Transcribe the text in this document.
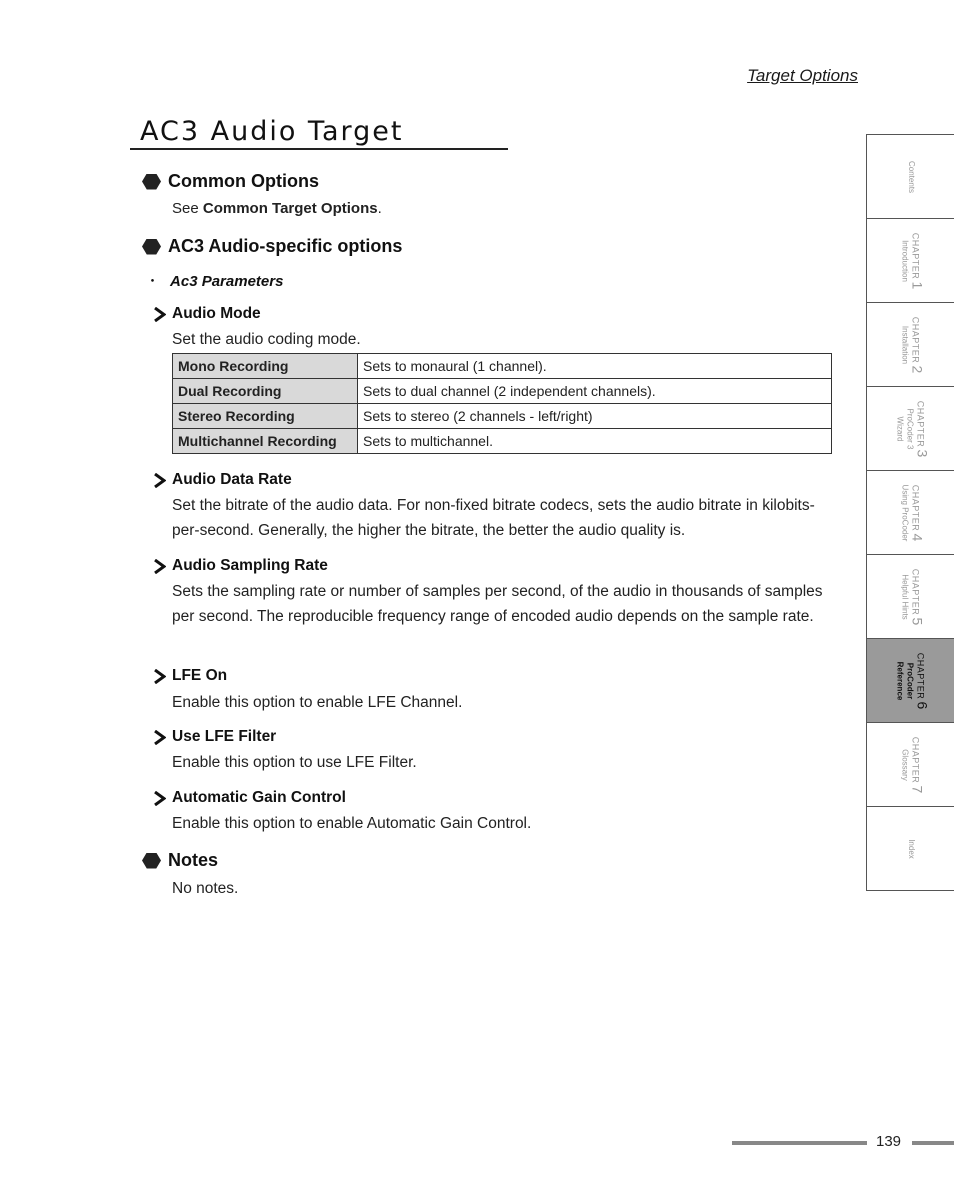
Target Options
AC3 Audio Target
Common Options
See Common Target Options.
AC3 Audio-specific options
・ Ac3 Parameters
Audio Mode
Set the audio coding mode.
Mono Recording	Sets to monaural (1 channel).
Dual Recording	Sets to dual channel (2 independent channels).
Stereo Recording	Sets to stereo (2 channels - left/right)
Multichannel Recording	Sets to multichannel.
Audio Data Rate
Set the bitrate of the audio data. For non-fixed bitrate codecs, sets the audio bitrate in kilobits-per-second. Generally, the higher the bitrate, the better the audio quality is.
Audio Sampling Rate
Sets the sampling rate or number of samples per second, of the audio in thousands of samples per second. The reproducible frequency range of encoded audio depends on the sample rate.
LFE On
Enable this option to enable LFE Channel.
Use LFE Filter
Enable this option to use LFE Filter.
Automatic Gain Control
Enable this option to enable Automatic Gain Control.
Notes
No notes.
Contents
CHAPTER 1
Introduction
CHAPTER 2
Installation
CHAPTER 3
ProCoder 3
Wizard
CHAPTER 4
Using ProCoder
CHAPTER 5
Helpful Hints
CHAPTER 6
ProCoder
Reference
CHAPTER 7
Glossary
Index
139
